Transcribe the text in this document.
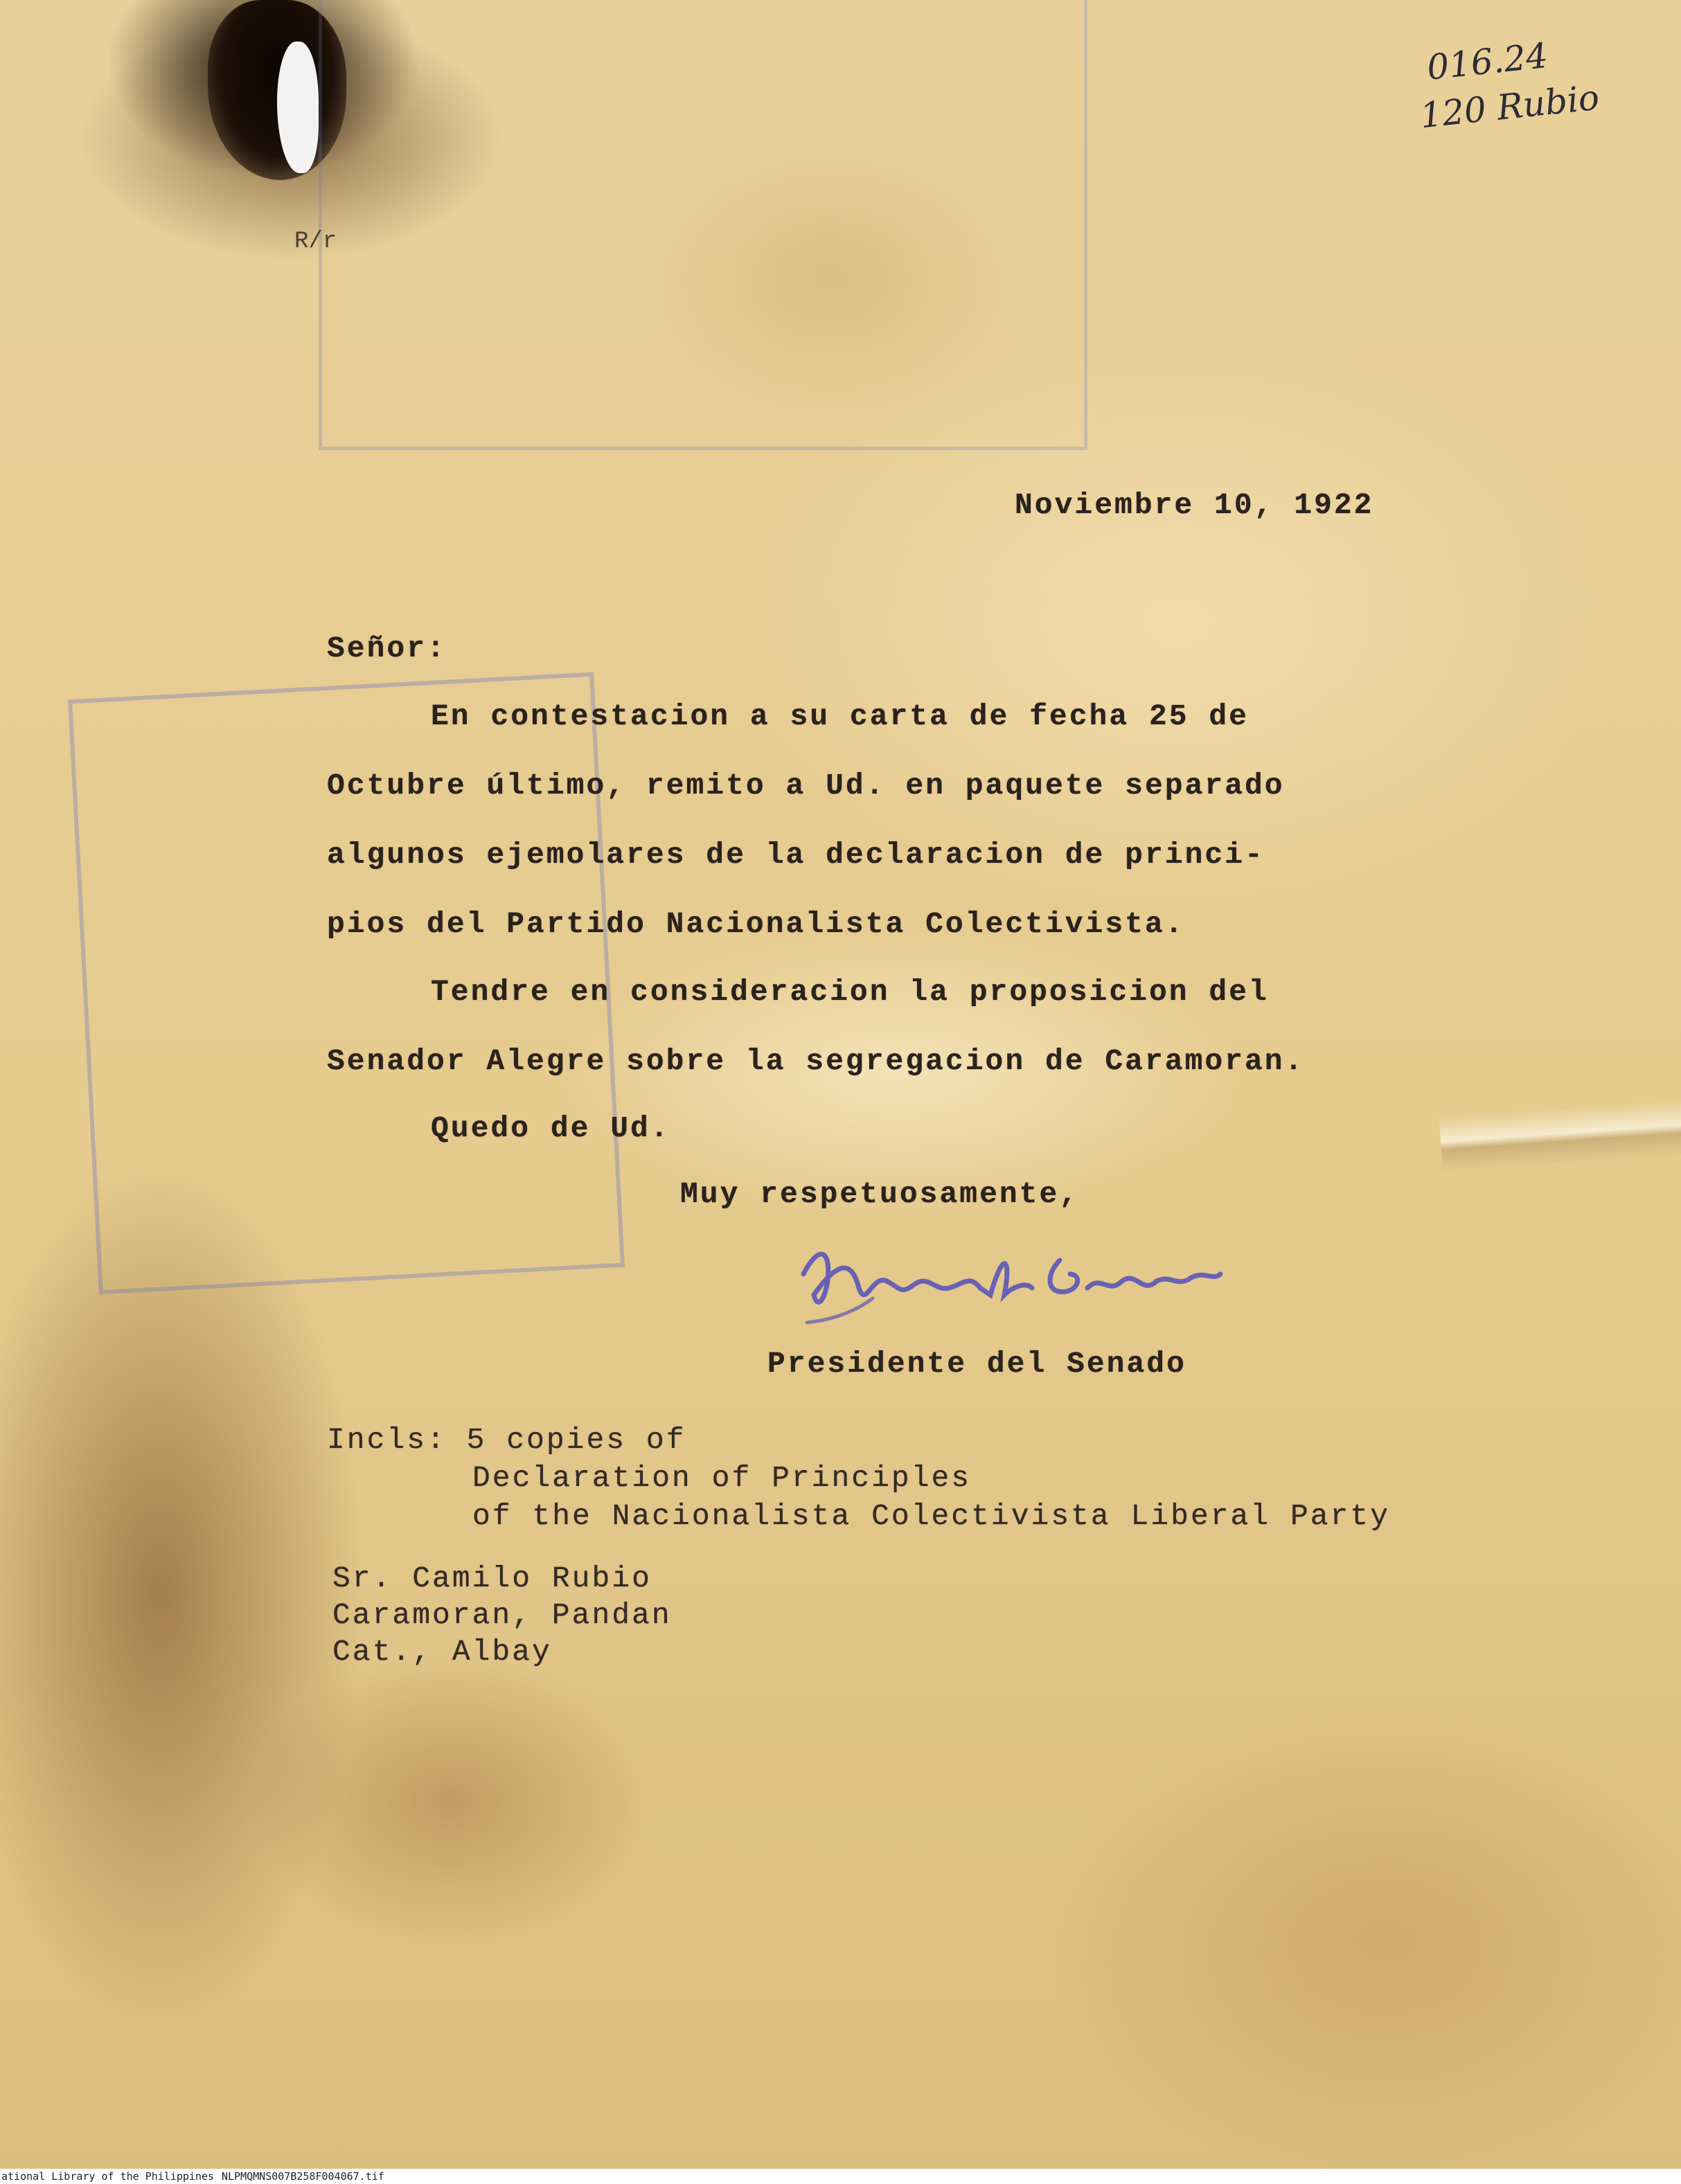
016.24
120 Rubio
R/r
Noviembre 10, 1922
Señor:
En contestacion a su carta de fecha 25 de
Octubre último, remito a Ud. en paquete separado
algunos ejemolares de la declaracion de princi-
pios del Partido Nacionalista Colectivista.
Tendre en consideracion la proposicion del
Senador Alegre sobre la segregacion de Caramoran.
Quedo de Ud.
Muy respetuosamente,
Presidente del Senado
Incls: 5 copies of
Declaration of Principles
of the Nacionalista Colectivista Liberal Party
Sr. Camilo Rubio
Caramoran, Pandan
Cat., Albay
ational Library of the Philippines NLPMQMNS007B258F004067.tif
